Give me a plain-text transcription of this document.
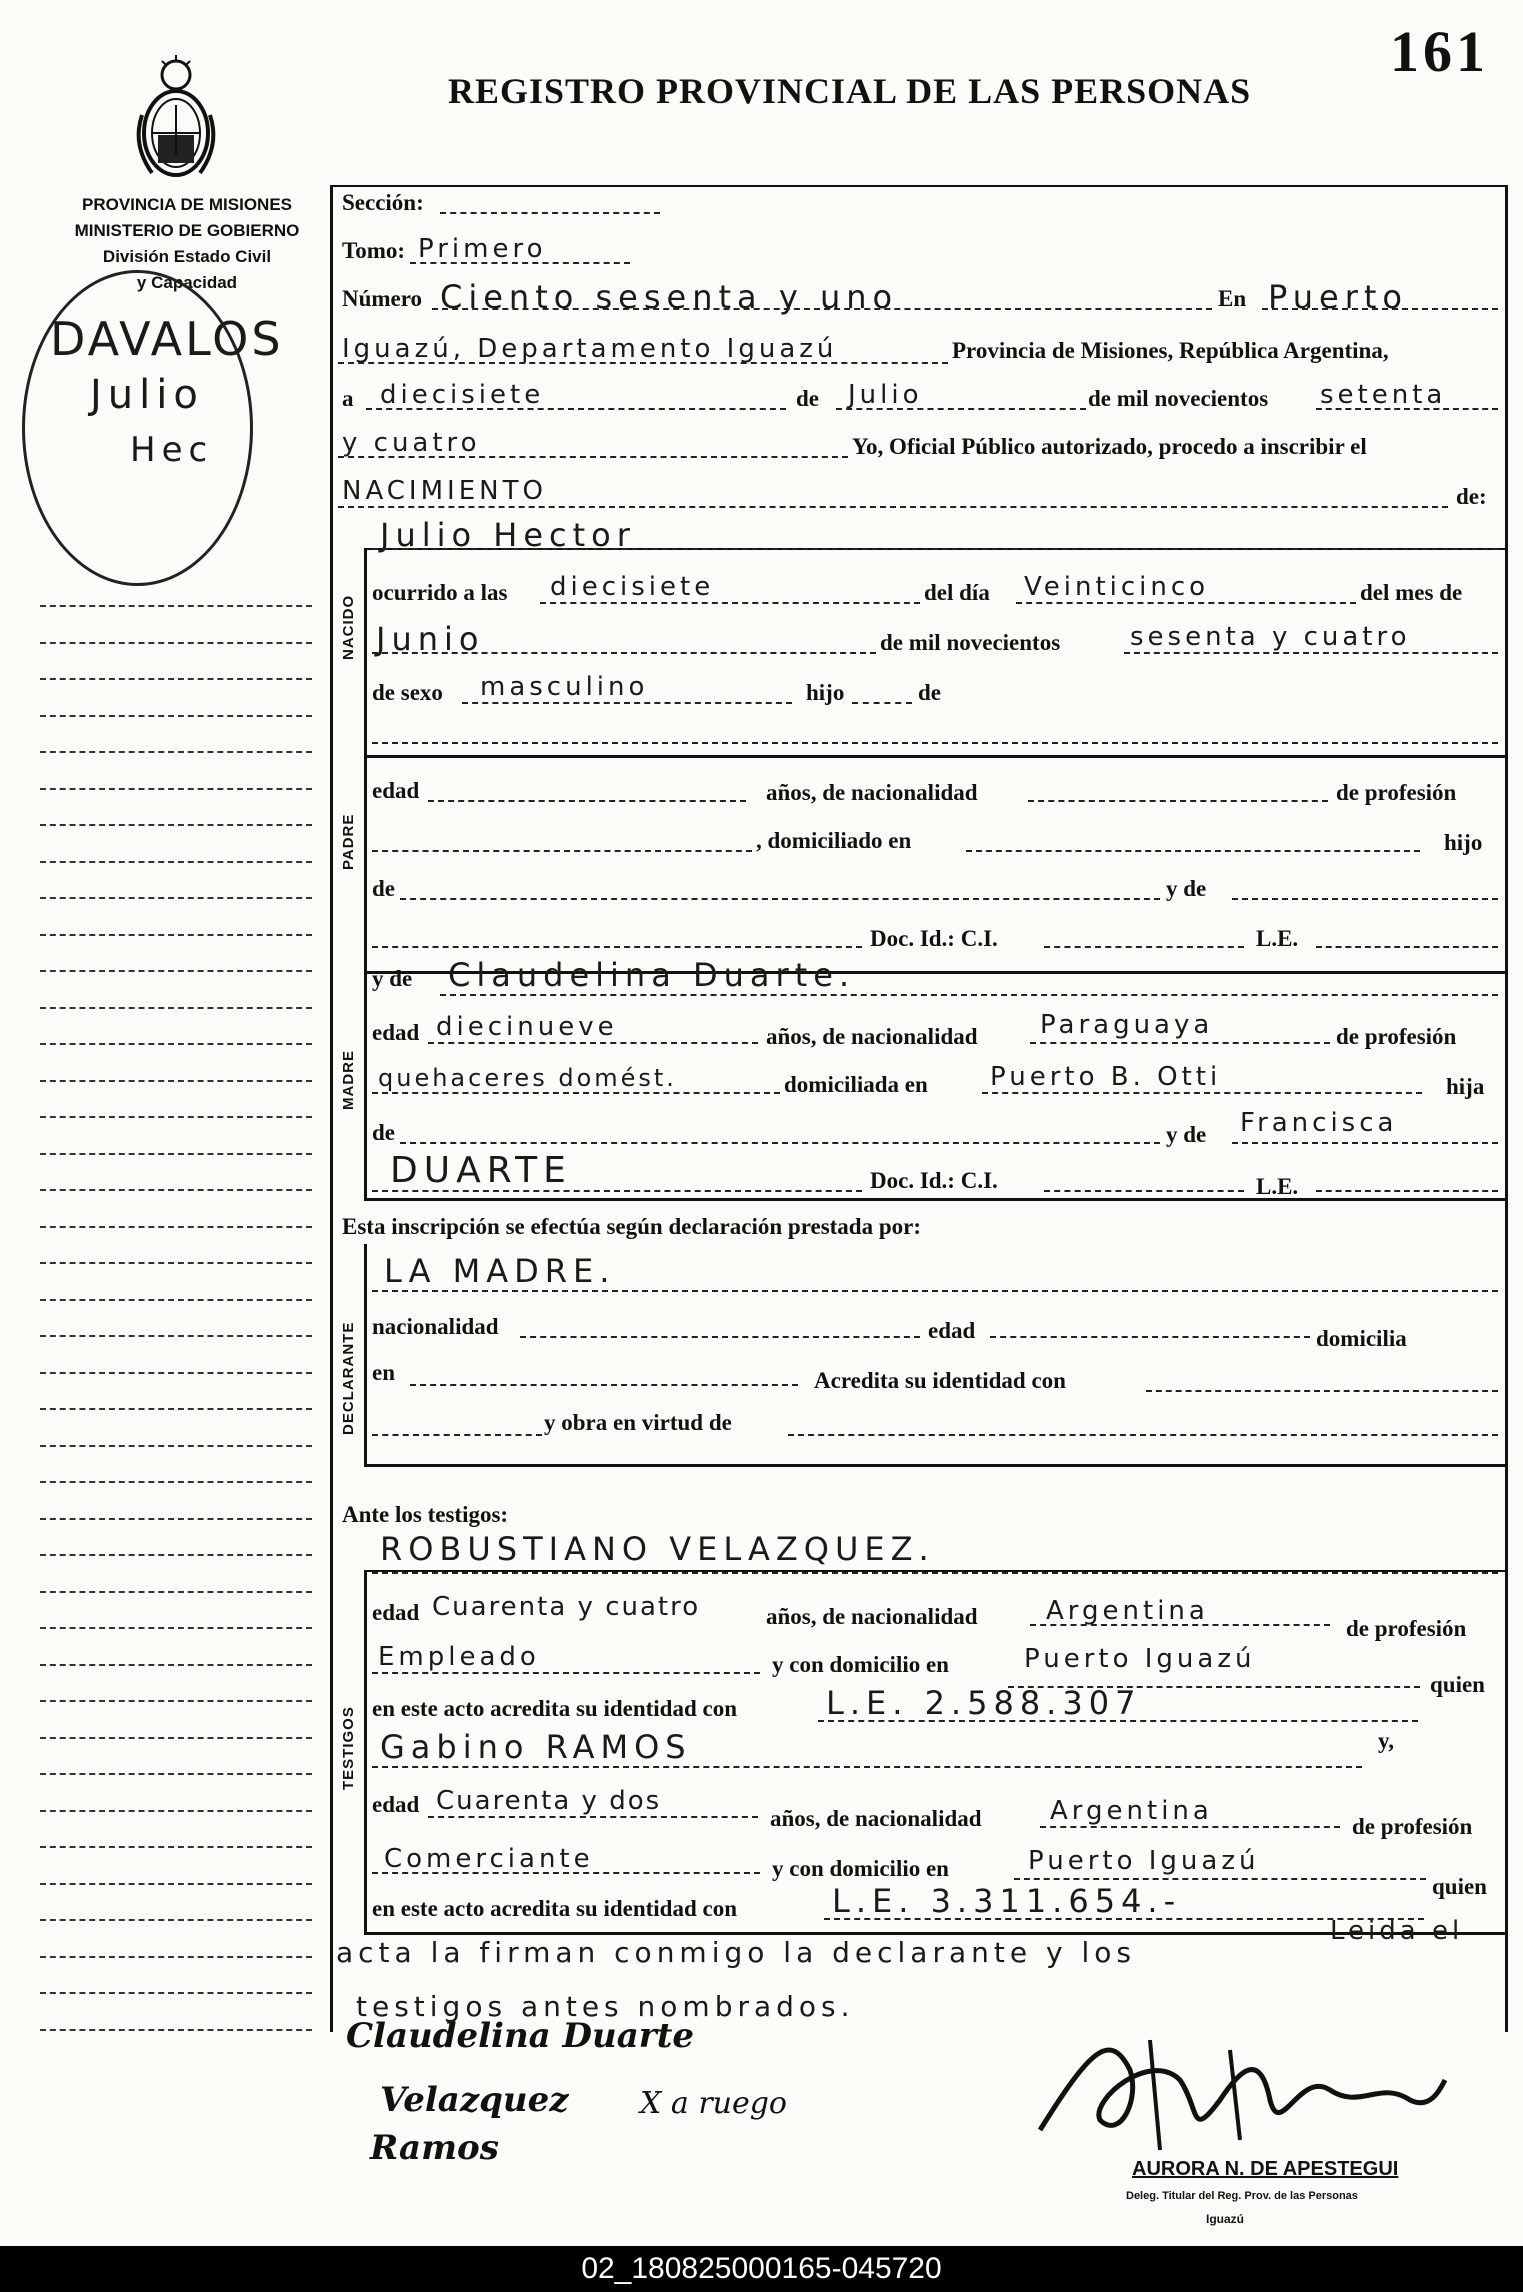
161
REGISTRO PROVINCIAL DE LAS PERSONAS
PROVINCIA DE MISIONES
MINISTERIO DE GOBIERNO
División Estado Civil
y Capacidad
DAVALOS
Julio
Hec
NACIDO
PADRE
MADRE
DECLARANTE
TESTIGOS
Sección:
Tomo: Primero
Número Ciento sesenta y uno	En Puerto
Iguazú, Departamento Iguazú	Provincia de Misiones, República Argentina,
a diecisiete	de Julio	de mil novecientos setenta
y cuatro	Yo, Oficial Público autorizado, procedo a inscribir el
NACIMIENTO	de:
Julio Hector
ocurrido a las diecisiete	del día Veinticinco	del mes de
Junio	de mil novecientos	sesenta y cuatro
de sexo masculino	hijo	de
edad	años, de nacionalidad	de profesión
, domiciliado en	hijo
de	y de
Doc. Id.: C.I.	L.E.
y de Claudelina Duarte.
edad diecinueve	años, de nacionalidad Paraguaya	de profesión
quehaceres domést.	domiciliada en Puerto B. Otti	hija
de	y de Francisca
DUARTE	Doc. Id.: C.I.	L.E.
Esta inscripción se efectúa según declaración prestada por:
LA MADRE.
nacionalidad	edad	domicilia
en	Acredita su identidad con
y obra en virtud de
Ante los testigos:
ROBUSTIANO VELAZQUEZ.
edad Cuarenta y cuatro	años, de nacionalidad	Argentina
de profesión
Empleado	y con domicilio en	Puerto Iguazú
quien
en este acto acredita su identidad con	L.E. 2.588.307
Gabino RAMOS	y,
edad Cuarenta y dos
años, de nacionalidad	Argentina
de profesión
Comerciante	y con domicilio en	Puerto Iguazú
quien
en este acto acredita su identidad con	L.E. 3.311.654.-
acta la firman conmigo la declarante y los
Leida el
testigos antes nombrados.
Claudelina Duarte
Velazquez X a ruego
Ramos
AURORA N. DE APESTEGUI
Deleg. Titular del Reg. Prov. de las Personas
Iguazú
02_180825000165-045720
